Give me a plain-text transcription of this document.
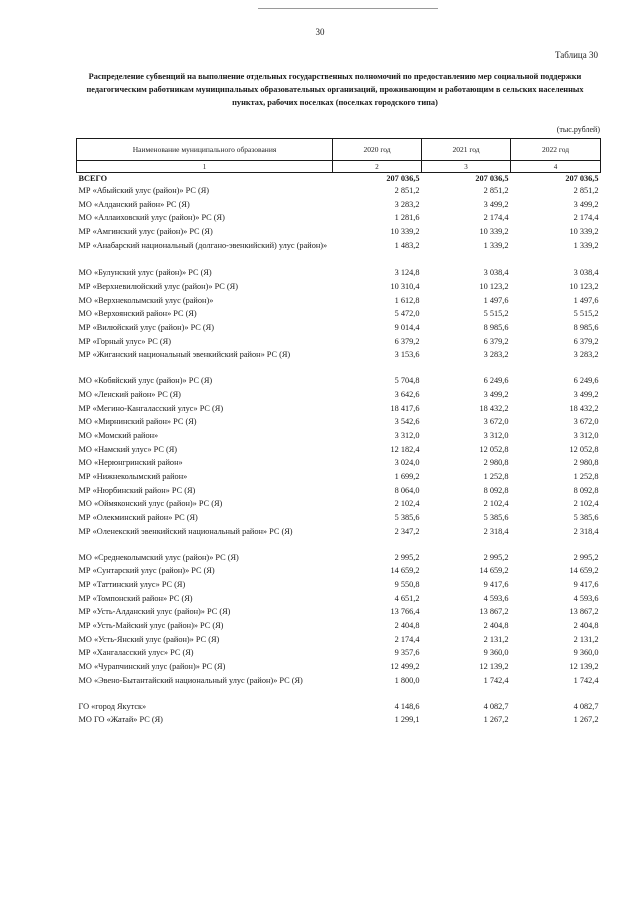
30
Таблица 30
Распределение субвенций на выполнение отдельных государственных полномочий по предоставлению мер социальной поддержки педагогическим работникам муниципальных образовательных организаций, проживающим и работающим в сельских населенных пунктах, рабочих поселках (поселках городского типа)
(тыс.рублей)
Наименование муниципального образования	2020 год	2021 год	2022 год
1	2	3	4
ВСЕГО	207 036,5	207 036,5	207 036,5
МР «Абыйский улус (район)» РС (Я)	2 851,2	2 851,2	2 851,2
МО «Алданский район» РС (Я)	3 283,2	3 499,2	3 499,2
МО «Аллаиховский улус (район)» РС (Я)	1 281,6	2 174,4	2 174,4
МР «Амгинский улус (район)» РС (Я)	10 339,2	10 339,2	10 339,2
МР «Анабарский национальный (долгано-эвенкийский) улус (район)»	1 483,2	1 339,2	1 339,2
МО «Булунский улус (район)» РС (Я)	3 124,8	3 038,4	3 038,4
МР «Верхневилюйский улус (район)» РС (Я)	10 310,4	10 123,2	10 123,2
МО «Верхнеколымский улус (район)»	1 612,8	1 497,6	1 497,6
МО «Верхоянский район» РС (Я)	5 472,0	5 515,2	5 515,2
МР «Вилюйский улус (район)» РС (Я)	9 014,4	8 985,6	8 985,6
МР «Горный улус» РС (Я)	6 379,2	6 379,2	6 379,2
МР «Жиганский национальный эвенкийский район» РС (Я)	3 153,6	3 283,2	3 283,2

МО «Кобяйский улус (район)» РС (Я)	5 704,8	6 249,6	6 249,6
МО «Ленский район» РС (Я)	3 642,6	3 499,2	3 499,2
МР «Мегино-Кангаласский улус» РС (Я)	18 417,6	18 432,2	18 432,2
МО «Мирнинский район» РС (Я)	3 542,6	3 672,0	3 672,0
МО «Момский район»	3 312,0	3 312,0	3 312,0
МО «Намский улус» РС (Я)	12 182,4	12 052,8	12 052,8
МО «Нерюнгринский район»	3 024,0	2 980,8	2 980,8
МР «Нижнеколымский район»	1 699,2	1 252,8	1 252,8
МР «Нюрбинский район» РС (Я)	8 064,0	8 092,8	8 092,8
МО «Оймяконский улус (район)» РС (Я)	2 102,4	2 102,4	2 102,4
МР «Олекминский район» РС (Я)	5 385,6	5 385,6	5 385,6
МР «Оленекский эвенкийский национальный район» РС (Я)	2 347,2	2 318,4	2 318,4

МО «Среднеколымский улус (район)» РС (Я)	2 995,2	2 995,2	2 995,2
МР «Сунтарский улус (район)» РС (Я)	14 659,2	14 659,2	14 659,2
МР «Таттинский улус» РС (Я)	9 550,8	9 417,6	9 417,6
МР «Томпонский район» РС (Я)	4 651,2	4 593,6	4 593,6
МР «Усть-Алданский улус (район)» РС (Я)	13 766,4	13 867,2	13 867,2
МР «Усть-Майский улус (район)» РС (Я)	2 404,8	2 404,8	2 404,8
МО «Усть-Янский улус (район)» РС (Я)	2 174,4	2 131,2	2 131,2
МР «Хангаласский улус» РС (Я)	9 357,6	9 360,0	9 360,0
МО «Чурапчинский улус (район)» РС (Я)	12 499,2	12 139,2	12 139,2
МО «Эвено-Бытантайский национальный улус (район)» РС (Я)	1 800,0	1 742,4	1 742,4

ГО «город Якутск»	4 148,6	4 082,7	4 082,7
МО ГО «Жатай» РС (Я)	1 299,1	1 267,2	1 267,2
